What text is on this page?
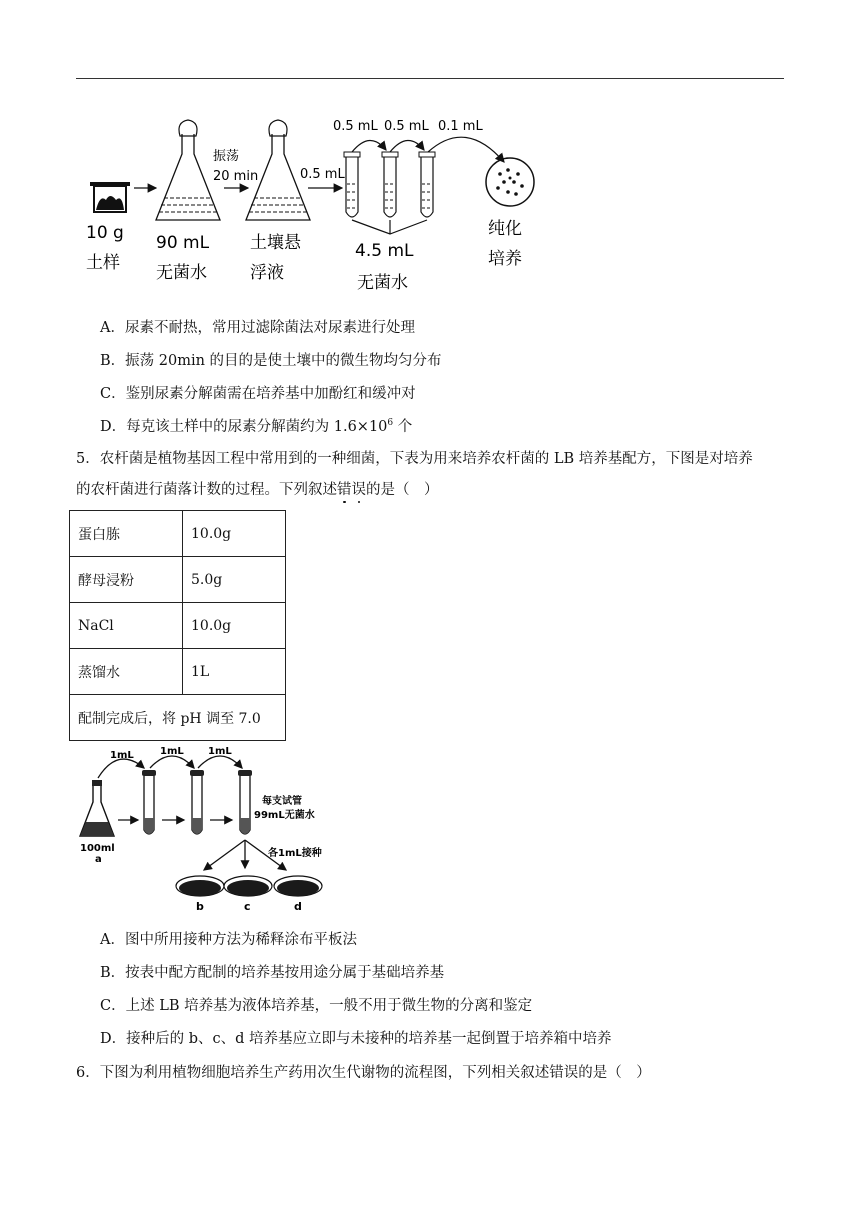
振荡
20 min	0.5 mL
0.5 mL 0.5 mL 0.1 mL
10 g
土样
90 mL
无菌水
土壤悬
浮液
4.5 mL
无菌水
纯化
培养
A．尿素不耐热，常用过滤除菌法对尿素进行处理
B．振荡 20min 的目的是使土壤中的微生物均匀分布
C．鉴别尿素分解菌需在培养基中加酚红和缓冲对
D．每克该土样中的尿素分解菌约为 $1.6\times 10^6$ 个
5．农杆菌是植物基因工程中常用到的一种细菌，下表为用来培养农杆菌的 LB 培养基配方，下图是对培养
的农杆菌进行菌落计数的过程。下列叙述错误的是（　）
蛋白胨	10.0g
酵母浸粉	5.0g
NaCl	10.0g
蒸馏水	1L
配制完成后，将 pH 调至 7.0	
100ml
a
1mL	1mL 1mL
每支试管
99mL无菌水
各1mL接种
b	c	d
A．图中所用接种方法为稀释涂布平板法
B．按表中配方配制的培养基按用途分属于基础培养基
C．上述 LB 培养基为液体培养基，一般不用于微生物的分离和鉴定
D．接种后的 b、c、d 培养基应立即与未接种的培养基一起倒置于培养箱中培养
6．下图为利用植物细胞培养生产药用次生代谢物的流程图，下列相关叙述错误的是（　）
